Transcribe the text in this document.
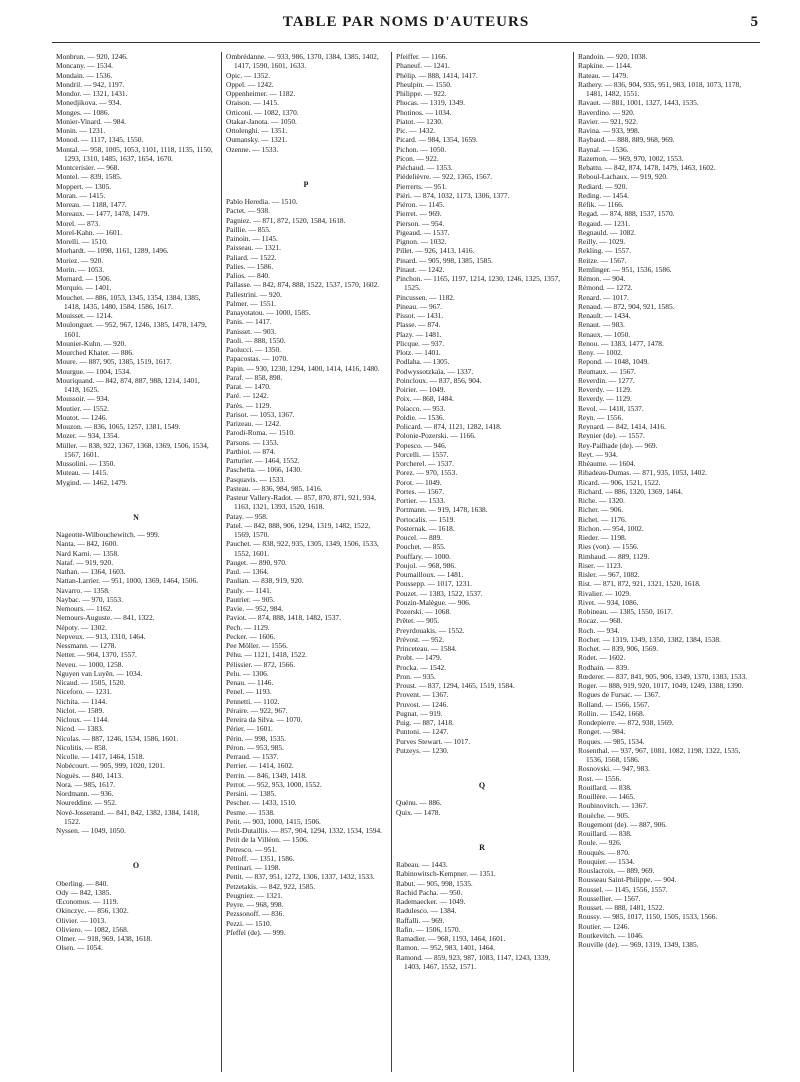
TABLE PAR NOMS D'AUTEURS	5
Monbrun. — 920, 1246.
Moncany. — 1534.
Mondain. — 1536.
Mondril. — 942, 1197.
Mondor. — 1321, 1431.
Monedjikova. — 934.
Monges. — 1086.
Monier-Vinard. — 984.
Monin. — 1231.
Monod. — 1117, 1345, 1550.
Montal. — 958, 1005, 1053, 1101, 1118, 1135, 1150, 1293, 1310, 1485, 1637, 1654, 1670.
Montcerisier. — 968.
Montel. — 839, 1585.
Moppert. — 1305.
Moran. — 1415.
Moreau. — 1188, 1477.
Moreaux. — 1477, 1478, 1479.
Morel. — 873.
Morel-Kahn. — 1601.
Morelli. — 1510.
Morhardt. — 1098, 1161, 1289, 1496.
Moriez. — 920.
Morin. — 1053.
Mornard. — 1506.
Morquio. — 1401.
Mouchet. — 886, 1053, 1345, 1354, 1384, 1385, 1418, 1435, 1480, 1584, 1586, 1617.
Mouisset. — 1214.
Moulonguet. — 952, 967, 1246, 1385, 1478, 1479, 1601.
Mounier-Kuhn. — 920.
Mourched Khater. — 886.
Moure. — 887, 905, 1385, 1519, 1617.
Mourgue. — 1004, 1534.
Mouriquand. — 842, 874, 887, 988, 1214, 1401, 1418, 1625.
Moussoir. — 934.
Moutier. — 1552.
Moutot. — 1246.
Mouzon. — 836, 1065, 1257, 1381, 1549.
Mozer. — 934, 1354.
Müller. — 838, 922, 1367, 1368, 1369, 1506, 1534, 1567, 1601.
Mussolini. — 1350.
Muteau. — 1415.
Mygind. — 1462, 1479.
N
Nageotte-Wilbouchewitch. — 999.
Nanta. — 842, 1600.
Nard Karni. — 1358.
Nataf. — 919, 920.
Nathan. — 1364, 1603.
Nattan-Larrier. — 951, 1000, 1369, 1464, 1506.
Navarro. — 1358.
Naybac. — 970, 1553.
Nemours. — 1162.
Nemours-Auguste. — 841, 1322.
Népoty. — 1302.
Nepveux. — 913, 1310, 1464.
Nessmann. — 1278.
Netter. — 904, 1370, 1557.
Neveu. — 1000, 1258.
Nguyen van Luyên. — 1034.
Nicaud. — 1505, 1520.
Niceforo. — 1231.
Nichita. — 1144.
Niclot. — 1589.
Nicloux. — 1144.
Nicod. — 1383.
Nicolas. — 887, 1246, 1534, 1586, 1601.
Nicolitis. — 858.
Nicolle. — 1417, 1464, 1518.
Nobécourt. — 905, 999, 1020, 1201.
Noguès. — 840, 1413.
Nora. — 985, 1617.
Nordmann. — 936.
Noureddine. — 952.
Nové-Josserand. — 841, 842, 1382, 1384, 1418, 1522.
Nyssen. — 1049, 1050.
O
Oberling. — 840.
Ody — 842, 1385.
Œconomos. — 1119.
Okinczyc. — 856, 1302.
Olivier. — 1013.
Oliviero. — 1082, 1568.
Olmer. — 918, 969, 1438, 1618.
Olsen. — 1054.
Ombrédanne. — 933, 986, 1370, 1384, 1385, 1402, 1417, 1590, 1601, 1633.
Opic. — 1352.
Oppel. — 1242.
Oppenheimer. — 1182.
Oraison. — 1415.
Orticoni. — 1082, 1370.
Otakar-Janota. — 1050.
Ottolenghi. — 1351.
Oumansky. — 1321.
Ozenne. — 1533.
P
Pablo Heredia. — 1510.
Pactet. — 938.
Pagniez. — 871, 872, 1520, 1584, 1618.
Paillie. — 855.
Painoin. — 1145.
Paisseau. — 1321.
Paliard. — 1522.
Palies. — 1586.
Palios. — 840.
Pallasse. — 842, 874, 888, 1522, 1537, 1570, 1602.
Pallestrini. — 920.
Palmer. — 1551.
Panayotatou. — 1000, 1585.
Panis. — 1417.
Panisset. — 903.
Paoli. — 888, 1550.
Paolucci. — 1350.
Papacostas. — 1070.
Papin. — 930, 1230, 1294, 1400, 1414, 1416, 1480.
Paraf. — 858, 898.
Parat. — 1470.
Paré. — 1242.
Parès. — 1129.
Parisot. — 1053, 1367.
Parizeau. — 1242.
Parodi-Roma. — 1510.
Parsons. — 1353.
Parthiot. — 874.
Parturier. — 1464, 1552.
Paschetta. — 1066, 1430.
Pasquavis. — 1533.
Pasteau. — 836, 984, 985, 1416.
Pasteur Vallery-Radot. — 857, 870, 871, 921, 934, 1163, 1321, 1393, 1520, 1618.
Patay. — 958.
Patel. — 842, 888, 906, 1294, 1319, 1482, 1522, 1569, 1570.
Pauchet. — 838, 922, 935, 1305, 1349, 1506, 1533, 1552, 1601.
Pauget. — 890, 970.
Paul. — 1364.
Paulian. — 838, 919, 920.
Pauly. — 1141.
Pautrier. — 905.
Pavie. — 952, 984.
Paviot. — 874, 888, 1418, 1482, 1537.
Pech. — 1129.
Pecker. — 1606.
Pee Möller. — 1556.
Péhu. — 1121, 1418, 1522.
Pélissier. — 872, 1566.
Pelu. — 1306.
Penau. — 1146.
Penel. — 1193.
Pennetti. — 1102.
Péraire. — 922, 967.
Pereira da Silva. — 1070.
Périer. — 1601.
Périn. — 998, 1535.
Péron. — 953, 985.
Perraud. — 1537.
Perrier. — 1414, 1602.
Perrin. — 846, 1349, 1418.
Perrot. — 952, 953, 1000, 1552.
Persini. — 1385.
Pescher. — 1433, 1510.
Pesme. — 1538.
Petit. — 903, 1000, 1415, 1506.
Petit-Dutaillis. — 857, 904, 1294, 1332, 1534, 1594.
Petit de la Villéon. — 1506.
Petresco. — 951.
Pétroff. — 1351, 1586.
Pettinari. — 1198.
Pettit. — 837, 951, 1272, 1306, 1337, 1432, 1533.
Petzetakis. — 842, 922, 1585.
Peugniez. — 1321.
Peyre. — 968, 998.
Pezssonoff. — 836.
Pezzi. — 1510.
Pfeffel (de). — 999.
Pfeiffer. — 1166.
Phaneuf. — 1241.
Phélip. — 888, 1414, 1417.
Pheulpin. — 1550.
Philippe. — 922.
Phocas. — 1319, 1349.
Photinos. — 1034.
Piatot. — 1230.
Pic. — 1432.
Picard. — 984, 1354, 1659.
Pichon. — 1050.
Picon. — 922.
Piéchaud. — 1353.
Piédelièvre. — 922, 1365, 1567.
Pierrerts. — 951.
Piéri. — 874, 1032, 1173, 1306, 1377.
Piéron. — 1145.
Pierret. — 969.
Pierson. — 954.
Pigeaud. — 1537.
Pignon. — 1032.
Pillet. — 926, 1413, 1416.
Pinard. — 905, 998, 1385, 1585.
Pinaut. — 1242.
Pinchon. — 1165, 1197, 1214, 1230, 1246, 1325, 1357, 1525.
Pincussen. — 1182.
Pineau. — 967.
Pissot. — 1431.
Plasse. — 874.
Plazy. — 1481.
Plicque. — 937.
Plotz. — 1401.
Podlaha. — 1305.
Podwyssotzkaïa. — 1337.
Poincloux. — 837, 856, 904.
Poirier. — 1049.
Poix. — 868, 1484.
Polacco. — 953.
Poldie. — 1536.
Policard. — 874, 1121, 1282, 1418.
Polonie-Pozerski. — 1166.
Popesco. — 946.
Porcelli. — 1557.
Porcherel. — 1537.
Porez. — 970, 1553.
Porot. — 1049.
Portes. — 1567.
Portier. — 1533.
Portmann. — 919, 1478, 1638.
Portocalis. — 1519.
Posternak. — 1618.
Poucel. — 889.
Pouchet. — 855.
Pouffary. — 1000.
Poujol. — 968, 986.
Poumailloux. — 1481.
Poussepp. — 1017, 1231.
Pouzet. — 1383, 1522, 1537.
Pouzin-Malègue. — 906.
Pozerski. — 1068.
Prêtet. — 905.
Preyrdouakis. — 1552.
Prévost. — 952.
Princeteau. — 1584.
Probt. — 1479.
Procka. — 1542.
Pron. — 935.
Proust. — 837, 1294, 1465, 1519, 1584.
Provent. — 1367.
Pruvost. — 1246.
Pugnat. — 919.
Puig. — 887, 1418.
Puntoni. — 1247.
Purves Stewart. — 1017.
Putzeys. — 1230.
Q
Quénu. — 886.
Quix. — 1478.
R
Rabeau. — 1443.
Rabinowitsch-Kempner. — 1351.
Rabut. — 905, 998, 1535.
Rachid Pacha. — 950.
Rademaecker. — 1049.
Radulesco. — 1384.
Raffalli. — 969.
Rafin. — 1506, 1570.
Ramadier. — 968, 1193, 1464, 1601.
Ramon. — 952, 983, 1401, 1464.
Ramond. — 859, 923, 987, 1083, 1147, 1243, 1339, 1403, 1467, 1552, 1571.
Randoin. — 920, 1038.
Rapkine. — 1144.
Rateau. — 1479.
Rathery. — 836, 904, 935, 951, 983, 1018, 1073, 1178, 1481, 1482, 1551.
Ravaut. — 881, 1001, 1327, 1443, 1535.
Raverdino. — 920.
Ravier. — 921, 922.
Ravina. — 933, 998.
Raybaud. — 888, 889, 968, 969.
Raynal. — 1536.
Razemon. — 969, 970, 1002, 1553.
Rebattu. — 842, 874, 1478, 1479, 1463, 1602.
Reboul-Lachaux. — 919, 920.
Rediard. — 920.
Reding. — 1454.
Réfik. — 1166.
Regad. — 874, 888, 1537, 1570.
Regaud. — 1231.
Regnauld. — 1082.
Reilly. — 1029.
Rekling. — 1557.
Reitze. — 1567.
Remlinger. — 951, 1536, 1586.
Rémon. — 904.
Rémond. — 1272.
Renard. — 1017.
Renaud. — 872, 904, 921, 1585.
Renault. — 1434.
Renaut. — 983.
Renaux. — 1050.
Renou. — 1383, 1477, 1478.
Reny. — 1002.
Repond. — 1048, 1049.
Reumaux. — 1567.
Reverdin. — 1277.
Reverdy. — 1129.
Reverdy. — 1129.
Revol. — 1418, 1537.
Reyn. — 1556.
Reynard. — 842, 1414, 1416.
Reynier (de). — 1557.
Rey-Pailhade (de). — 969.
Reyt. — 934.
Rhéaume. — 1604.
Ribadeau-Dumas. — 871, 935, 1053, 1402.
Ricard. — 906, 1521, 1522.
Richard. — 886, 1320, 1369, 1464.
Riche. — 1320.
Richer. — 906.
Richet. — 1176.
Richon. — 954, 1002.
Rieder. — 1198.
Ries (von). — 1556.
Rimbaud. — 889, 1129.
Riser. — 1123.
Risler. — 967, 1082.
Rist. — 871, 872, 921, 1321, 1520, 1618.
Rivalier. — 1029.
Rivet. — 934, 1086.
Robineau. — 1385, 1550, 1617.
Rocaz. — 968.
Roch. — 934.
Rocher. — 1319, 1349, 1350, 1382, 1384, 1538.
Rochet. — 839, 906, 1569.
Rodet. — 1602.
Rodhain. — 839.
Rœderer. — 837, 841, 905, 906, 1349, 1370, 1383, 1533.
Roger. — 888, 919, 920, 1017, 1049, 1249, 1388, 1390.
Rogues de Fursac. — 1367.
Rolland. — 1566, 1567.
Rollin. — 1542, 1668.
Rondepierre. — 872, 938, 1569.
Ronget. — 984.
Roques. — 985, 1534.
Rosenthal. — 937, 967, 1081, 1082, 1198, 1322, 1535, 1536, 1568, 1586.
Rosnovski. — 947, 983.
Rost. — 1556.
Rouillard. — 838.
Rouillère. — 1465.
Roubinovitch. — 1367.
Rouèche. — 905.
Rougemont (de). — 887, 906.
Rouillard. — 838.
Roule. — 926.
Rouquès. — 870.
Rouquier. — 1534.
Rouslacroix. — 889, 969.
Rousseau Saint-Philippe. — 904.
Roussel. — 1145, 1556, 1557.
Roussellier. — 1567.
Rousset. — 888, 1481, 1522.
Roussy. — 985, 1017, 1150, 1505, 1533, 1566.
Routier. — 1246.
Routkevitch. — 1046.
Rouville (de). — 969, 1319, 1349, 1385.
